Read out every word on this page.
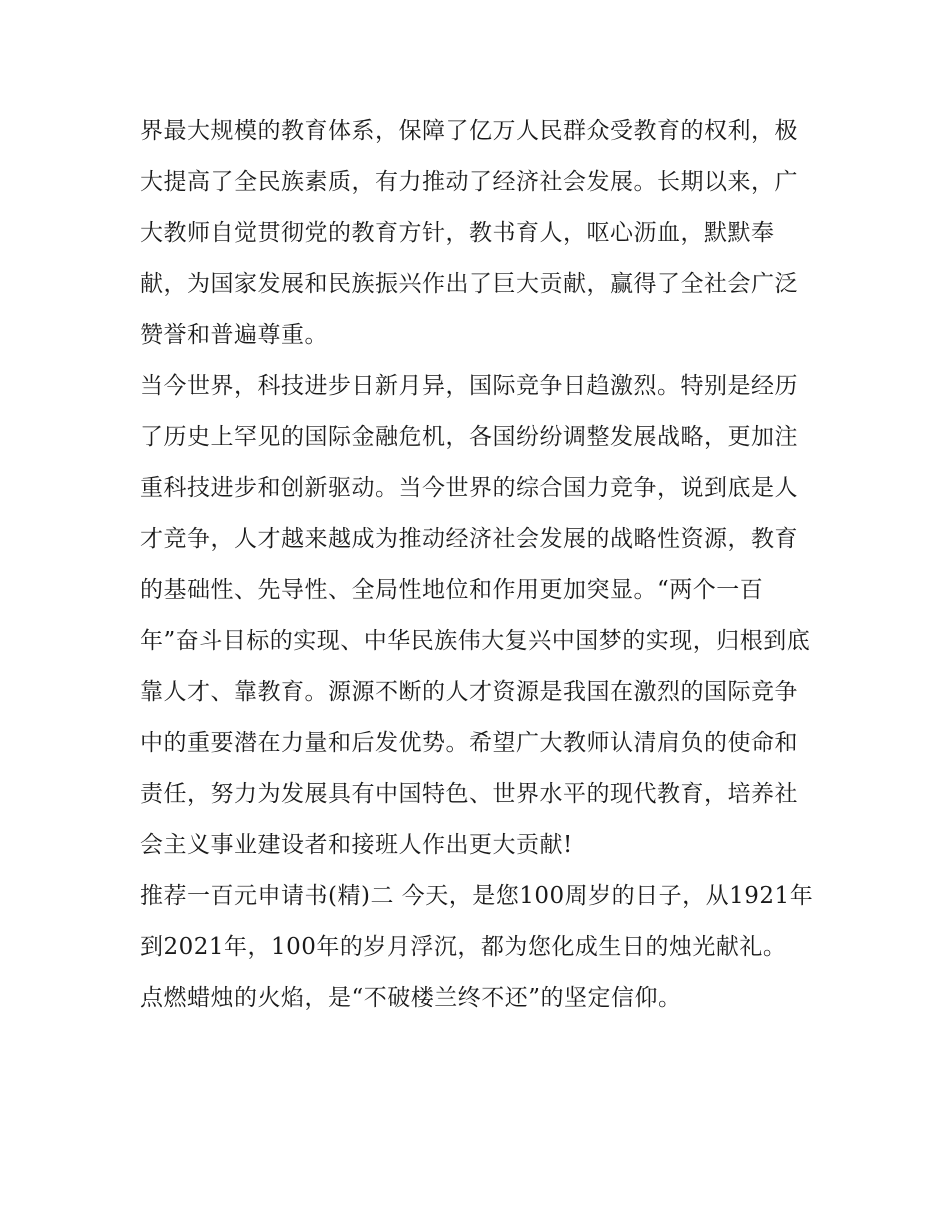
界最大规模的教育体系，保障了亿万人民群众受教育的权利，极大提高了全民族素质，有力推动了经济社会发展。长期以来，广大教师自觉贯彻党的教育方针，教书育人，呕心沥血，默默奉献，为国家发展和民族振兴作出了巨大贡献，赢得了全社会广泛赞誉和普遍尊重。

当今世界，科技进步日新月异，国际竞争日趋激烈。特别是经历了历史上罕见的国际金融危机，各国纷纷调整发展战略，更加注重科技进步和创新驱动。当今世界的综合国力竞争，说到底是人才竞争，人才越来越成为推动经济社会发展的战略性资源，教育的基础性、先导性、全局性地位和作用更加突显。“两个一百年”奋斗目标的实现、中华民族伟大复兴中国梦的实现，归根到底靠人才、靠教育。源源不断的人才资源是我国在激烈的国际竞争中的重要潜在力量和后发优势。希望广大教师认清肩负的使命和责任，努力为发展具有中国特色、世界水平的现代教育，培养社会主义事业建设者和接班人作出更大贡献!

推荐一百元申请书(精)二 今天，是您100周岁的日子，从1921年到2021年，100年的岁月浮沉，都为您化成生日的烛光献礼。

点燃蜡烛的火焰，是“不破楼兰终不还”的坚定信仰。
